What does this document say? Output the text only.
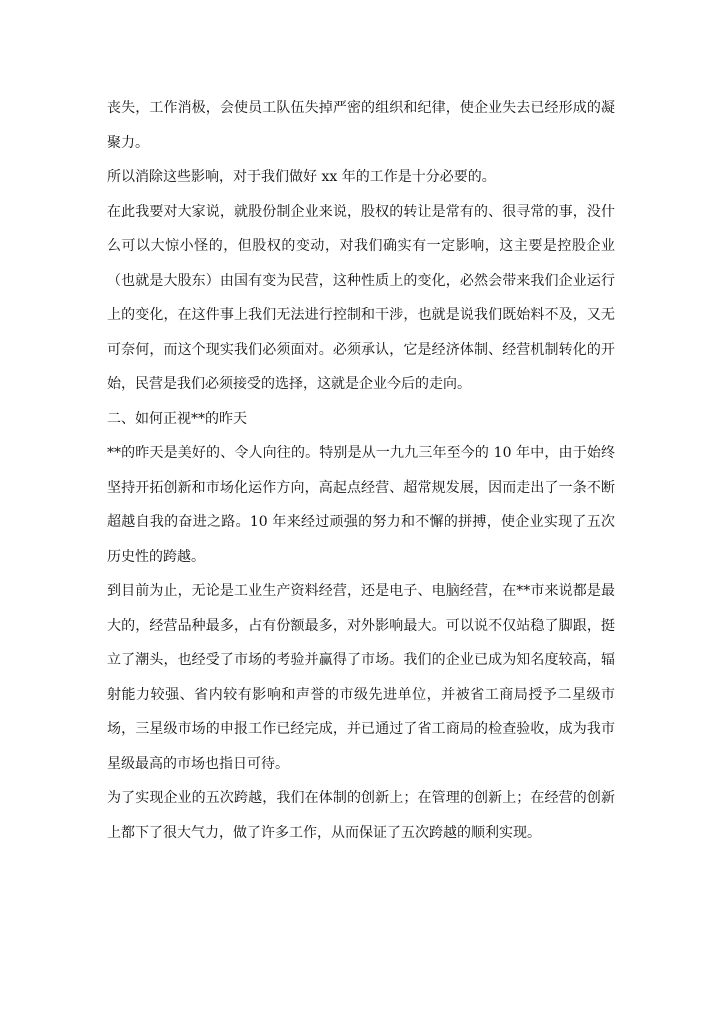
丧失，工作消极，会使员工队伍失掉严密的组织和纪律，使企业失去已经形成的凝聚力。

所以消除这些影响，对于我们做好 xx 年的工作是十分必要的。

在此我要对大家说，就股份制企业来说，股权的转让是常有的、很寻常的事，没什么可以大惊小怪的，但股权的变动，对我们确实有一定影响，这主要是控股企业（也就是大股东）由国有变为民营，这种性质上的变化，必然会带来我们企业运行上的变化，在这件事上我们无法进行控制和干涉，也就是说我们既始料不及，又无可奈何，而这个现实我们必须面对。必须承认，它是经济体制、经营机制转化的开始，民营是我们必须接受的选择，这就是企业今后的走向。

二、如何正视**的昨天

**的昨天是美好的、令人向往的。特别是从一九九三年至今的 10 年中，由于始终坚持开拓创新和市场化运作方向，高起点经营、超常规发展，因而走出了一条不断超越自我的奋进之路。10 年来经过顽强的努力和不懈的拼搏，使企业实现了五次历史性的跨越。

到目前为止，无论是工业生产资料经营，还是电子、电脑经营，在**市来说都是最大的，经营品种最多，占有份额最多，对外影响最大。可以说不仅站稳了脚跟，挺立了潮头，也经受了市场的考验并赢得了市场。我们的企业已成为知名度较高，辐射能力较强、省内较有影响和声誉的市级先进单位，并被省工商局授予二星级市场，三星级市场的申报工作已经完成，并已通过了省工商局的检查验收，成为我市星级最高的市场也指日可待。

为了实现企业的五次跨越，我们在体制的创新上；在管理的创新上；在经营的创新上都下了很大气力，做了许多工作，从而保证了五次跨越的顺利实现。
